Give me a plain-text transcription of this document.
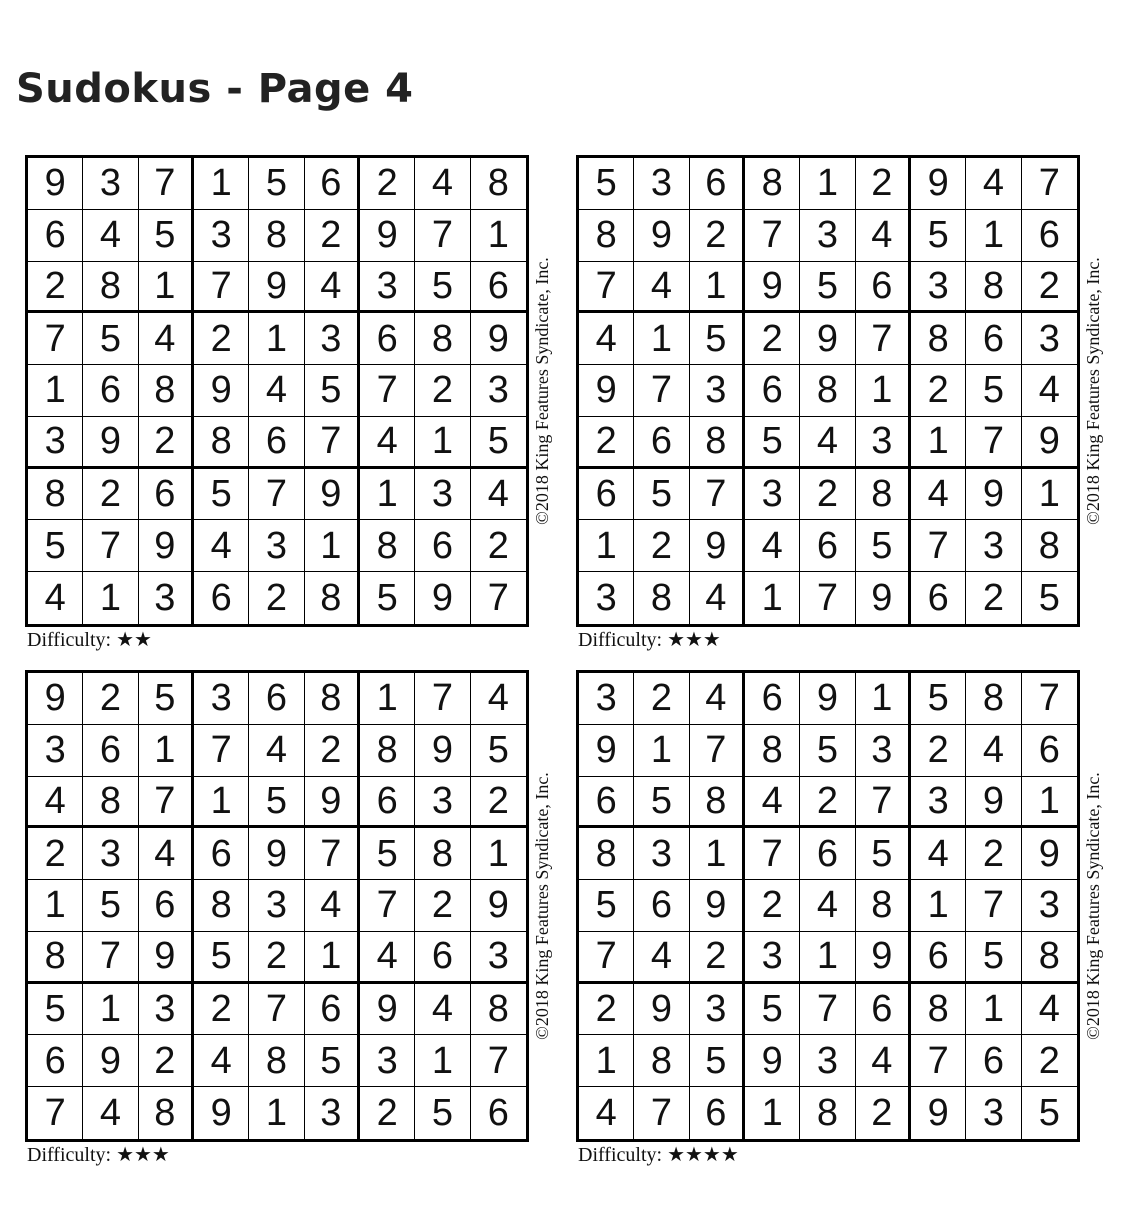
Sudokus - Page 4
9 3 7 1 5 6 2 4 8
6 4 5 3 8 2 9 7 1
2 8 1 7 9 4 3 5 6
7 5 4 2 1 3 6 8 9
1 6 8 9 4 5 7 2 3
3 9 2 8 6 7 4 1 5
8 2 6 5 7 9 1 3 4
5 7 9 4 3 1 8 6 2
4 1 3 6 2 8 5 9 7
Difficulty: ★★
©2018 King Features Syndicate, Inc.
5 3 6 8 1 2 9 4 7
8 9 2 7 3 4 5 1 6
7 4 1 9 5 6 3 8 2
4 1 5 2 9 7 8 6 3
9 7 3 6 8 1 2 5 4
2 6 8 5 4 3 1 7 9
6 5 7 3 2 8 4 9 1
1 2 9 4 6 5 7 3 8
3 8 4 1 7 9 6 2 5
Difficulty: ★★★
©2018 King Features Syndicate, Inc.
9 2 5 3 6 8 1 7 4
3 6 1 7 4 2 8 9 5
4 8 7 1 5 9 6 3 2
2 3 4 6 9 7 5 8 1
1 5 6 8 3 4 7 2 9
8 7 9 5 2 1 4 6 3
5 1 3 2 7 6 9 4 8
6 9 2 4 8 5 3 1 7
7 4 8 9 1 3 2 5 6
Difficulty: ★★★
©2018 King Features Syndicate, Inc.
3 2 4 6 9 1 5 8 7
9 1 7 8 5 3 2 4 6
6 5 8 4 2 7 3 9 1
8 3 1 7 6 5 4 2 9
5 6 9 2 4 8 1 7 3
7 4 2 3 1 9 6 5 8
2 9 3 5 7 6 8 1 4
1 8 5 9 3 4 7 6 2
4 7 6 1 8 2 9 3 5
Difficulty: ★★★★
©2018 King Features Syndicate, Inc.
